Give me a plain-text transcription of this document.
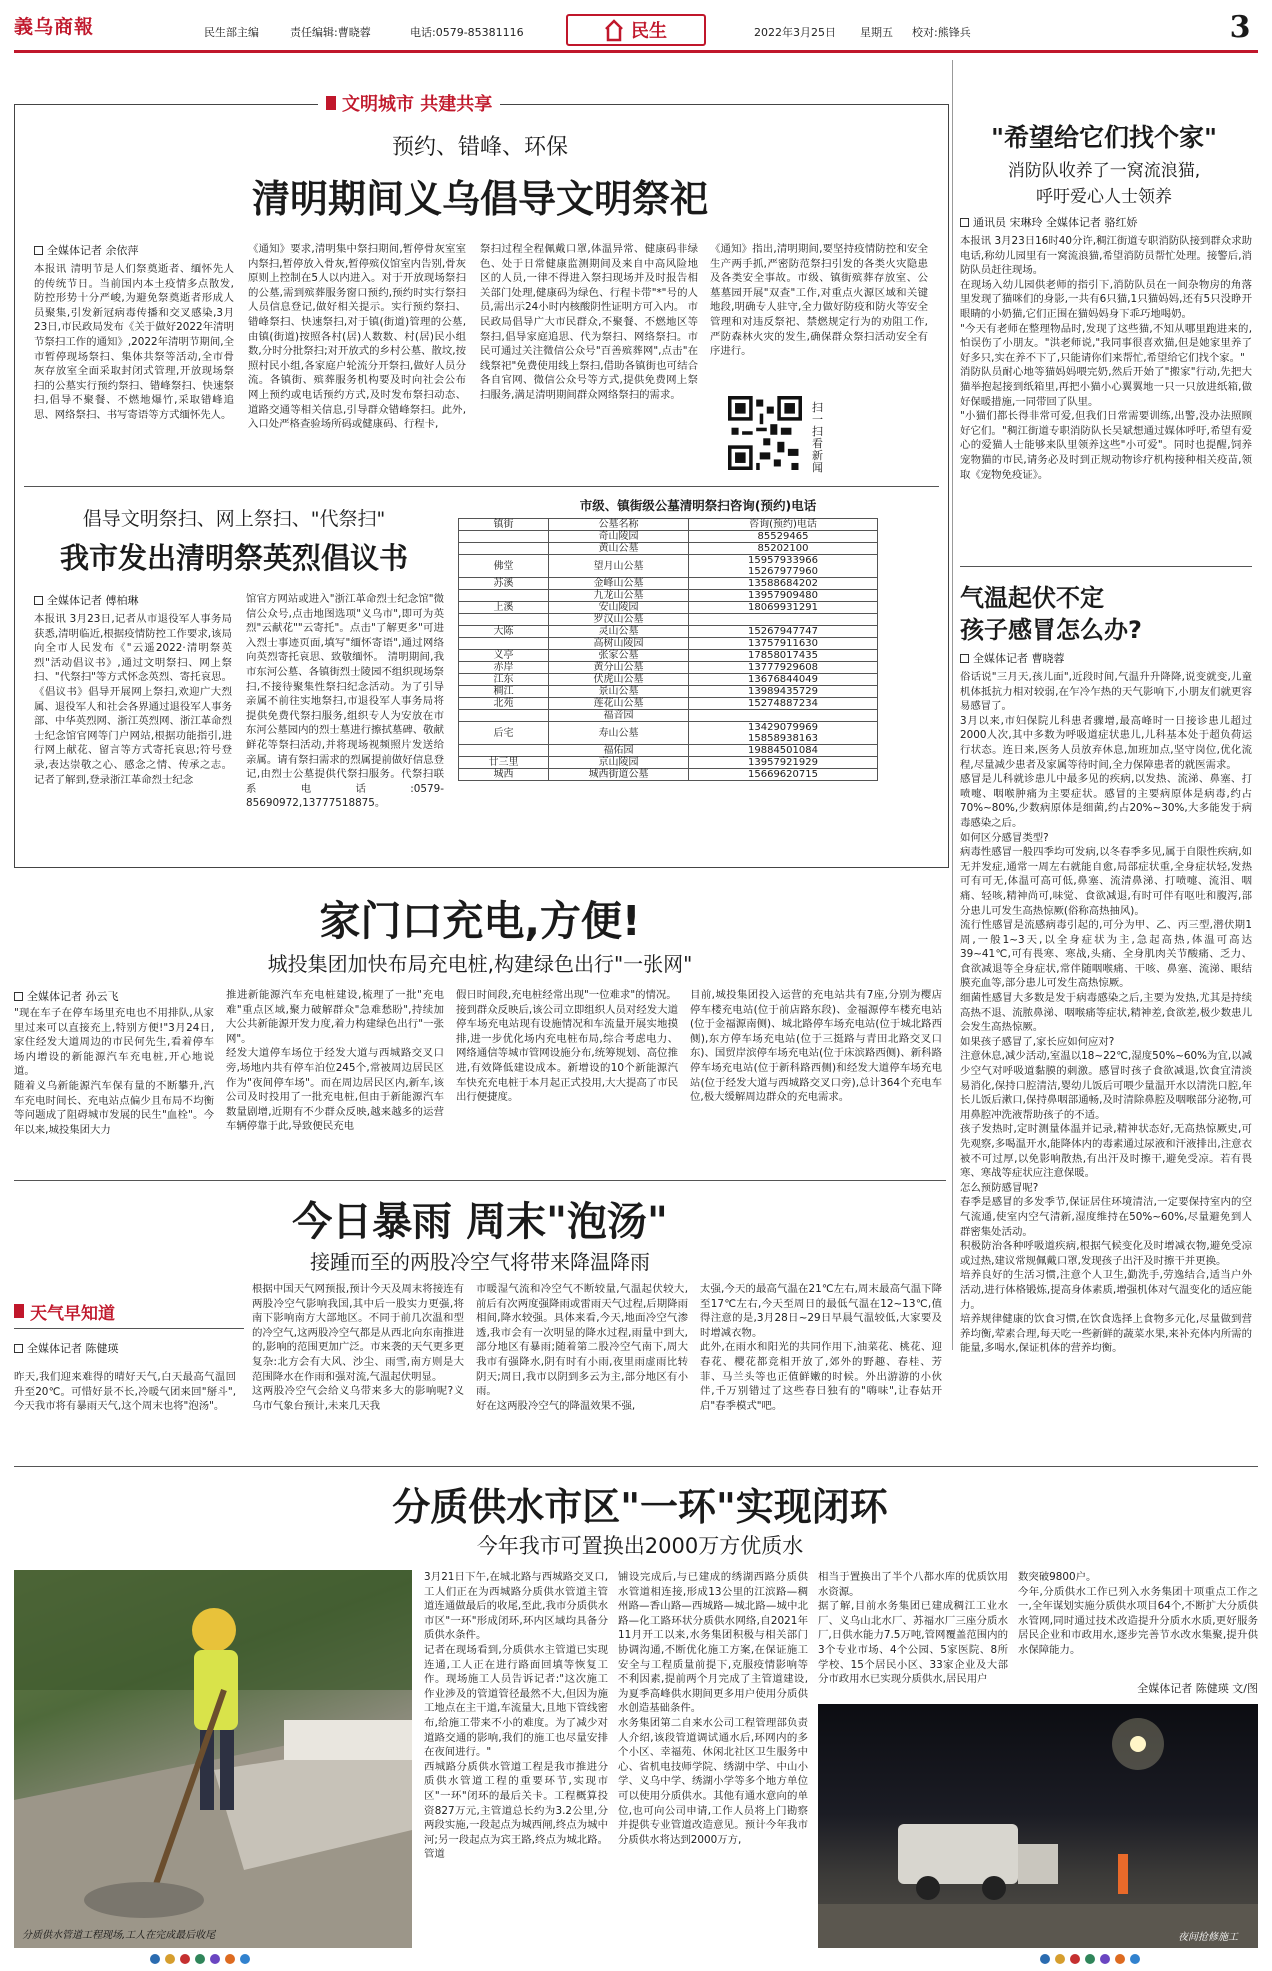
義乌商報	民生部主编	责任编辑:曹晓蓉	电话:0579-85381116	民生	2022年3月25日	星期五	校对:熊锋兵	3
文明城市 共建共享
预约、错峰、环保
清明期间义乌倡导文明祭祀
全媒体记者 余依萍
本报讯 清明节是人们祭奠逝者、缅怀先人的传统节日。当前国内本土疫情多点散发,防控形势十分严峻,为避免祭奠逝者形成人员聚集,引发新冠病毒传播和交叉感染,3月23日,市民政局发布《关于做好2022年清明节祭扫工作的通知》,2022年清明节期间,全市暂停现场祭扫、集体共祭等活动,全市骨灰存放室全面采取封闭式管理,开放现场祭扫的公墓实行预约祭扫、错峰祭扫、快速祭扫,倡导不聚餐、不燃地爆竹,采取错峰追思、网络祭扫、书写寄语等方式缅怀先人。
《通知》要求,清明集中祭扫期间,暂停骨灰室室内祭扫,暂停放入骨灰,暂停殡仪馆室内告别,骨灰原则上控制在5人以内进入。对于开放现场祭扫的公墓,需到殡葬服务窗口预约,预约时实行祭扫人员信息登记,做好相关提示。实行预约祭扫、错峰祭扫、快速祭扫,对于镇(街道)管理的公墓,由镇(街道)按照各村(居)人数数、村(居)民小组数,分时分批祭扫;对开放式的乡村公墓、散坟,按照村民小组,各家庭户轮流分开祭扫,做好人员分流。各镇街、殡葬服务机构要及时向社会公布网上预约或电话预约方式,及时发布祭扫动态、道路交通等相关信息,引导群众错峰祭扫。此外,入口处严格查验场所码或健康码、行程卡,
祭扫过程全程佩戴口罩,体温异常、健康码非绿色、处于日常健康监测期间及来自中高风险地区的人员,一律不得进入祭扫现场并及时报告相关部门处理,健康码为绿色、行程卡带"*"号的人员,需出示24小时内核酸阴性证明方可入内。 市民政局倡导广大市民群众,不聚餐、不燃地区等祭扫,倡导家庭追思、代为祭扫、网络祭扫。市民可通过关注微信公众号"百善殡葬网",点击"在线祭祀"免费使用线上祭扫,借助各镇街也可结合各自官网、微信公众号等方式,提供免费网上祭扫服务,满足清明期间群众网络祭扫的需求。
《通知》指出,清明期间,要坚持疫情防控和安全生产两手抓,严密防范祭扫引发的各类火灾隐患及各类安全事故。市级、镇街殡葬存放室、公墓墓园开展"双查"工作,对重点火源区域和关键地段,明确专人驻守,全力做好防疫和防火等安全管理和对违反祭祀、禁燃规定行为的劝阻工作,严防森林火灾的发生,确保群众祭扫活动安全有序进行。
扫一扫 看新闻
倡导文明祭扫、网上祭扫、"代祭扫"
我市发出清明祭英烈倡议书
全媒体记者 傅柏琳
本报讯 3月23日,记者从市退役军人事务局获悉,清明临近,根据疫情防控工作要求,该局向全市人民发布《"云遥2022·清明祭英烈"活动倡议书》,通过文明祭扫、网上祭扫、"代祭扫"等方式怀念英烈、寄托哀思。 《倡议书》倡导开展网上祭扫,欢迎广大烈属、退役军人和社会各界通过退役军人事务部、中华英烈网、浙江英烈网、浙江革命烈士纪念馆官网等门户网站,根据功能指引,进行网上献花、留言等方式寄托哀思;符号登录,表达崇敬之心、感念之情、传承之志。记者了解到,登录浙江革命烈士纪念
馆官方网站或进入"浙江革命烈士纪念馆"微信公众号,点击地图选项"义乌市",即可为英烈"云献花""云寄托"。点击"了解更多"可进入烈士事迹页面,填写"缅怀寄语",通过网络向英烈寄托哀思、致敬缅怀。 清明期间,我市东河公墓、各镇街烈士陵园不组织现场祭扫,不接待聚集性祭扫纪念活动。为了引导亲属不前往实地祭扫,市退役军人事务局将提供免费代祭扫服务,组织专人为安放在市东河公墓园内的烈士墓进行擦拭墓碑、敬献鲜花等祭扫活动,并将现场视频照片发送给亲属。请有祭扫需求的烈属提前做好信息登记,由烈士公墓提供代祭扫服务。代祭扫联系电话:0579-85690972,13777518875。
市级、镇街级公墓清明祭扫咨询(预约)电话
镇街	公墓名称	咨询(预约)电话
	奇山陵园	85529465
	黄山公墓	85202100
佛堂	望月山公墓	15957933966
15267977960
苏溪	金峰山公墓	13588684202
	九龙山公墓	13957909480
上溪	安山陵园	18069931291
	罗汉山公墓	
大陈	灵山公墓	15267947747
	高树山陵园	13757911630
义亭	张家公墓	17858017435
赤岸	黄分山公墓	13777929608
江东	伏虎山公墓	13676844049
稠江	景山公墓	13989435729
北苑	莲花山公墓	15274887234
	福音园	
后宅	寿山公墓	13429079969
15858938163
	福佑园	19884501084
廿三里	京山陵园	13957921929
城西	城西街道公墓	15669620715
"希望给它们找个家"
消防队收养了一窝流浪猫,
呼吁爱心人士领养
通讯员 宋琳玲 全媒体记者 骆红娇
本报讯 3月23日16时40分许,稠江街道专职消防队接到群众求助电话,称幼儿园里有一窝流浪猫,希望消防员帮忙处理。接警后,消防队员赶往现场。
在现场入幼儿园供老师的指引下,消防队员在一间杂物房的角落里发现了猫咪们的身影,一共有6只猫,1只猫妈妈,还有5只没睁开眼睛的小奶猫,它们正围在猫妈妈身下乖巧地喝奶。
"今天有老师在整理物品时,发现了这些猫,不知从哪里跑进来的,怕误伤了小朋友。"洪老师说,"我同事很喜欢猫,但是她家里养了好多只,实在养不下了,只能请你们来帮忙,希望给它们找个家。"
消防队员耐心地等猫妈妈喂完奶,然后开始了"搬家"行动,先把大猫举抱起接到纸箱里,再把小猫小心翼翼地一只一只放进纸箱,做好保暖措施,一同带回了队里。
"小猫们都长得非常可爱,但我们日常需要训练,出警,没办法照顾好它们。"稠江街道专职消防队长吴斌想通过媒体呼吁,希望有爱心的爱猫人士能够来队里领养这些"小可爱"。同时也提醒,饲养宠物猫的市民,请务必及时到正规动物诊疗机构接种相关疫苗,领取《宠物免疫证》。
气温起伏不定
孩子感冒怎么办?
全媒体记者 曹晓蓉
俗话说"三月天,孩儿面",近段时间,气温升升降降,说变就变,儿童机体抵抗力相对较弱,在乍冷乍热的天气影响下,小朋友们就更容易感冒了。
3月以来,市妇保院儿科患者骤增,最高峰时一日接诊患儿超过2000人次,其中多数为呼吸道症状患儿,儿科基本处于超负荷运行状态。连日来,医务人员放弃休息,加班加点,坚守岗位,优化流程,尽量减少患者及家属等待时间,全力保障患者的就医需求。
感冒是儿科就诊患儿中最多见的疾病,以发热、流涕、鼻塞、打喷嚏、咽喉肿痛为主要症状。感冒的主要病原体是病毒,约占70%~80%,少数病原体是细菌,约占20%~30%,大多能发于病毒感染之后。
如何区分感冒类型?
病毒性感冒一般四季均可发病,以冬春季多见,属于自限性疾病,如无并发症,通常一周左右就能自愈,局部症状重,全身症状轻,发热可有可无,体温可高可低,鼻塞、流清鼻涕、打喷嚏、流泪、咽痛、轻咳,精神尚可,味觉、食欲减退,有时可伴有呕吐和腹泻,部分患儿可发生高热惊厥(俗称高热抽风)。
流行性感冒是流感病毒引起的,可分为甲、乙、丙三型,潜伏期1周,一般1~3天,以全身症状为主,急起高热,体温可高达39~41℃,可有畏寒、寒战,头痛、全身肌肉关节酸痛、乏力、食欲减退等全身症状,常伴随咽喉痛、干咳、鼻塞、流涕、眼结膜充血等,部分患儿可发生高热惊厥。
细菌性感冒大多数是发于病毒感染之后,主要为发热,尤其是持续高热不退、流脓鼻涕、咽喉痛等症状,精神差,食欲差,极少数患儿会发生高热惊厥。
如果孩子感冒了,家长应如何应对?
注意休息,减少活动,室温以18~22℃,湿度50%~60%为宜,以减少空气对呼吸道黏膜的刺激。感冒时孩子食欲减退,饮食宜清淡易消化,保持口腔清洁,婴幼儿饭后可喂少量温开水以清洗口腔,年长儿饭后漱口,保持鼻咽部通畅,及时清除鼻腔及咽喉部分泌物,可用鼻腔冲洗液帮助孩子的不适。
孩子发热时,定时测量体温并记录,精神状态好,无高热惊厥史,可先观察,多喝温开水,能降体内的毒素通过尿液和汗液排出,注意衣被不可过厚,以免影响散热,有出汗及时擦干,避免受凉。若有畏寒、寒战等症状应注意保暖。
怎么预防感冒呢?
春季是感冒的多发季节,保证居住环境清洁,一定要保持室内的空气流通,使室内空气清新,湿度维持在50%~60%,尽量避免到人群密集处活动。
积极防治各种呼吸道疾病,根据气候变化及时增减衣物,避免受凉或过热,建议常规佩戴口罩,发现孩子出汗及时擦干并更换。
培养良好的生活习惯,注意个人卫生,勤洗手,劳逸结合,适当户外活动,进行体格锻炼,提高身体素质,增强机体对气温变化的适应能力。
培养规律健康的饮食习惯,在饮食选择上食物多元化,尽量做到营养均衡,荤素合理,每天吃一些新鲜的蔬菜水果,来补充体内所需的能量,多喝水,保证机体的营养均衡。
家门口充电,方便!
城投集团加快布局充电桩,构建绿色出行"一张网"
全媒体记者 孙云飞
"现在车子在停车场里充电也不用排队,从家里过来可以直接充上,特别方便!"3月24日,家住经发大道周边的市民何先生,看着停车场内增设的新能源汽车充电桩,开心地说道。
随着义乌新能源汽车保有量的不断攀升,汽车充电时间长、充电站点偏少且布局不均衡等问题成了阻碍城市发展的民生"血栓"。今年以来,城投集团大力
推进新能源汽车充电桩建设,梳理了一批"充电难"重点区域,聚力破解群众"急难愁盼",持续加大公共新能源开发力度,着力构建绿色出行"一张网"。
经发大道停车场位于经发大道与西城路交叉口旁,场地内共有停车泊位245个,常被周边居民区作为"夜间停车场"。而在周边居民区内,新车,该公司及时投用了一批充电桩,但由于新能源汽车数量剧增,近期有不少群众反映,越来越多的运营车辆停靠于此,导致便民充电
假日时间段,充电桩经常出现"一位难求"的情况。
接到群众反映后,该公司立即组织人员对经发大道停车场充电站现有设施情况和车流量开展实地摸排,进一步优化场内充电桩布局,综合考虑电力、网络通信等城市管网设施分布,统筹规划、高位推进,有效降低建设成本。新增设的10个新能源汽车快充充电桩于本月起正式投用,大大提高了市民出行便捷度。
目前,城投集团投入运营的充电站共有7座,分别为樱店停车楼充电站(位于前店路东段)、金福源停车楼充电站(位于金福源南侧)、城北路停车场充电站(位于城北路西侧),东方停车场充电站(位于三挺路与青田北路交叉口东)、国贸岸滨停车场充电站(位于床滨路西侧)、新科路停车场充电站(位于新科路西侧)和经发大道停车场充电站(位于经发大道与西城路交叉口旁),总计364个充电车位,极大缓解周边群众的充电需求。
今日暴雨 周末"泡汤"
接踵而至的两股冷空气将带来降温降雨
天气早知道
全媒体记者 陈健瑛
昨天,我们迎来难得的晴好天气,白天最高气温回升至20℃。可惜好景不长,冷暖气团来回"掰斗",今天我市将有暴雨天气,这个周末也将"泡汤"。
根据中国天气网预报,预计今天及周末将接连有两股冷空气影响我国,其中后一股实力更强,将南下影响南方大部地区。不同于前几次温和型的冷空气,这两股冷空气都是从西北向东南推进的,影响的范围更加广泛。市来袭的天气更多更复杂:北方会有大风、沙尘、雨雪,南方则是大范围降水在作雨和强对流,气温起伏明显。
这两股冷空气会给义乌带来多大的影响呢?义乌市气象台预计,未来几天我
市暖湿气流和冷空气不断较量,气温起伏较大,前后有次两度强降雨或雷雨天气过程,后期降雨相间,降水较强。具体来看,今天,地面冷空气渗透,我市会有一次明显的降水过程,雨量中到大,部分地区有暴雨;随着第二股冷空气南下,周大我市有强降水,阴有时有小雨,夜里雨虚雨比转阴天;周日,我市以阴到多云为主,部分地区有小雨。
好在这两股冷空气的降温效果不强,
太强,今天的最高气温在21℃左右,周末最高气温下降至17℃左右,今天至周日的最低气温在12~13℃,值得注意的是,3月28日~29日早晨气温较低,大家要及时增减衣物。
此外,在雨水和阳光的共同作用下,油菜花、桃花、迎春花、樱花都竞相开放了,郊外的野趣、春桂、芳菲、马兰头等也正值鲜嫩的时候。外出游游的小伙伴,千万别错过了这些春日独有的"嗨味",让春姑开启"春季模式"吧。
分质供水市区"一环"实现闭环
今年我市可置换出2000万方优质水
分质供水管道工程现场,工人在完成最后收尾
3月21日下午,在城北路与西城路交叉口,工人们正在为西城路分质供水管道主管道连通做最后的收尾,至此,我市分质供水市区"一环"形成闭环,环内区域均具备分质供水条件。
记者在现场看到,分质供水主管道已实现连通,工人正在进行路面回填等恢复工作。现场施工人员告诉记者:"这次施工作业涉及的管道管径最然不大,但因为施工地点在主干道,车流量大,且地下管线密布,给施工带来不小的难度。为了减少对道路交通的影响,我们的施工也尽量安排在夜间进行。"
西城路分质供水管道工程是我市推进分质供水管道工程的重要环节,实现市区"一环"闭环的最后关卡。工程概算投资827万元,主管道总长约为3.2公里,分两段实施,一段起点为城西闸,终点为城中河;另一段起点为宾王路,终点为城北路。管道
铺设完成后,与已建成的绣湖西路分质供水管道相连接,形成13公里的江滨路—稠州路—香山路—西城路—城北路—城中北路—化工路环状分质供水网络,自2021年11月开工以来,水务集团积极与相关部门协调沟通,不断优化施工方案,在保证施工安全与工程质量前提下,克服疫情影响等不利因素,提前两个月完成了主管道建设,为夏季高峰供水期间更多用户使用分质供水创造基础条件。
水务集团第二自来水公司工程管理部负责人介绍,该段管道调试通水后,环网内的多个小区、幸福苑、休闲北社区卫生服务中心、省机电技师学院、绣湖中学、中山小学、义乌中学、绣湖小学等多个地方单位可以使用分质供水。其他有通水意向的单位,也可向公司申请,工作人员将上门勘察并提供专业管道改造意见。预计今年我市分质供水将达到2000万方,
相当于置换出了半个八都水库的优质饮用水资源。
据了解,目前水务集团已建成稠江工业水厂、义乌山北水厂、苏福水厂三座分质水厂,日供水能力7.5万吨,管网覆盖范围内的3个专业市场、4个公园、5家医院、8所学校、15个居民小区、33家企业及大部分市政用水已实现分质供水,居民用户
数突破9800户。
今年,分质供水工作已列入水务集团十项重点工作之一,全年谋划实施分质供水项目64个,不断扩大分质供水管网,同时通过技术改造提升分质水水质,更好服务居民企业和市政用水,逐步完善节水改水集聚,提升供水保障能力。
全媒体记者 陈健瑛 文/图
夜间抢修施工
